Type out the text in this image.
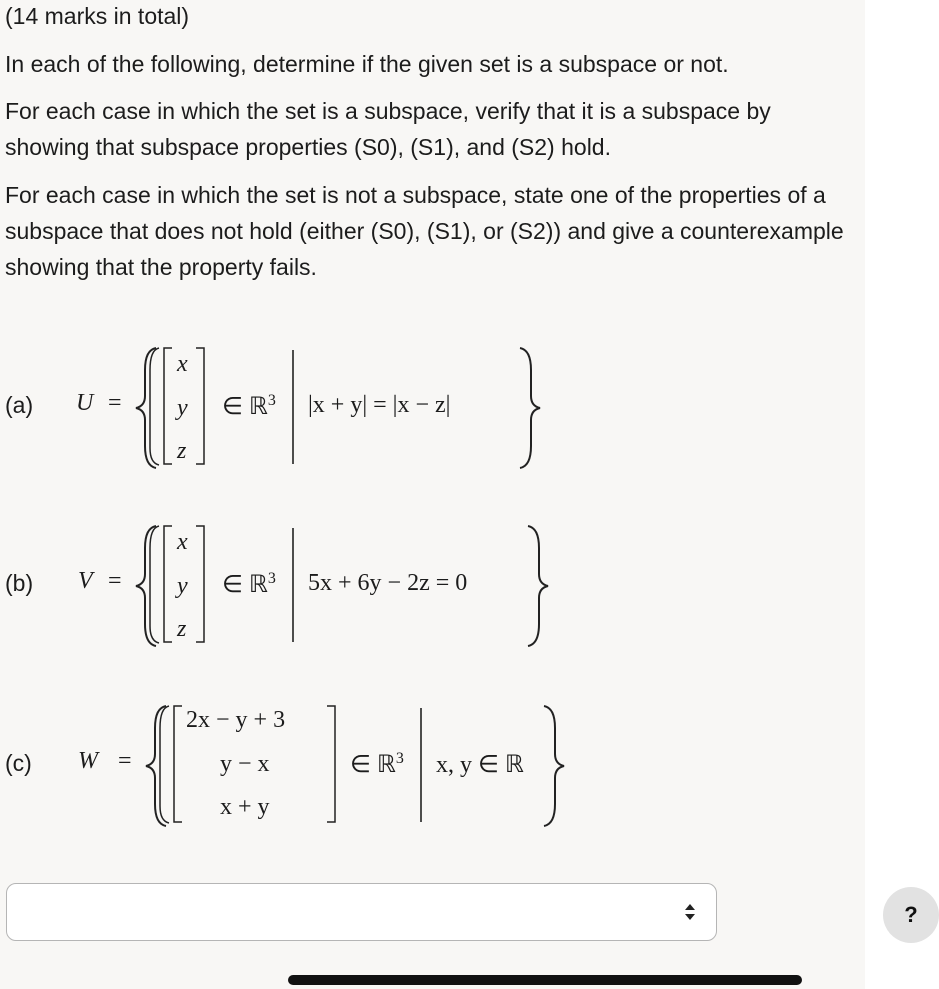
(14 marks in total)
In each of the following, determine if the given set is a subspace or not.
For each case in which the set is a subspace, verify that it is a subspace by showing that subspace properties (S0), (S1), and (S2) hold.
For each case in which the set is not a subspace, state one of the properties of a subspace that does not hold (either (S0), (S1), or (S2)) and give a counterexample showing that the property fails.
(a) U =
x
y
z
∈ ℝ$^3$ |x + y| = |x − z|
(b) V =
x
y
z
∈ ℝ$^3$ 5x + 6y − 2z = 0
(c) W =
2x − y + 3
y − x
x + y
∈ ℝ$^3$ x, y ∈ ℝ
?
